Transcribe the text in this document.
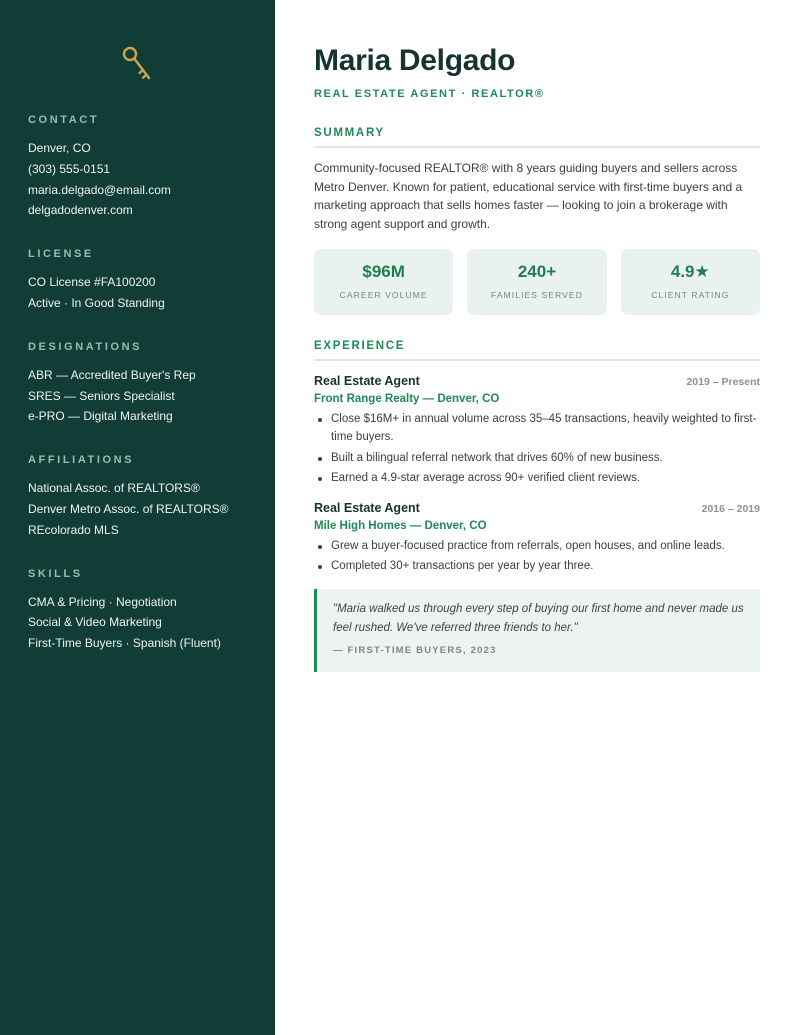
CONTACT
Denver, CO
(303) 555-0151
maria.delgado@email.com
delgadodenver.com
LICENSE
CO License #FA100200
Active · In Good Standing
DESIGNATIONS
ABR — Accredited Buyer's Rep
SRES — Seniors Specialist
e-PRO — Digital Marketing
AFFILIATIONS
National Assoc. of REALTORS®
Denver Metro Assoc. of REALTORS®
REcolorado MLS
SKILLS
CMA & Pricing · Negotiation
Social & Video Marketing
First-Time Buyers · Spanish (Fluent)
Maria Delgado
REAL ESTATE AGENT · REALTOR®
SUMMARY

Community-focused REALTOR® with 8 years guiding buyers and sellers across Metro Denver. Known for patient, educational service with first-time buyers and a marketing approach that sells homes faster — looking to join a brokerage with strong agent support and growth.

$96M
CAREER VOLUME
240+
FAMILIES SERVED
4.9★
CLIENT RATING
EXPERIENCE
Real Estate Agent	2019 – Present
Front Range Realty — Denver, CO
Close $16M+ in annual volume across 35–45 transactions, heavily weighted to first-time buyers.
Built a bilingual referral network that drives 60% of new business.
Earned a 4.9-star average across 90+ verified client reviews.
Real Estate Agent	2016 – 2019
Mile High Homes — Denver, CO
Grew a buyer-focused practice from referrals, open houses, and online leads.
Completed 30+ transactions per year by year three.

"Maria walked us through every step of buying our first home and never made us feel rushed. We've referred three friends to her."

— FIRST-TIME BUYERS, 2023
